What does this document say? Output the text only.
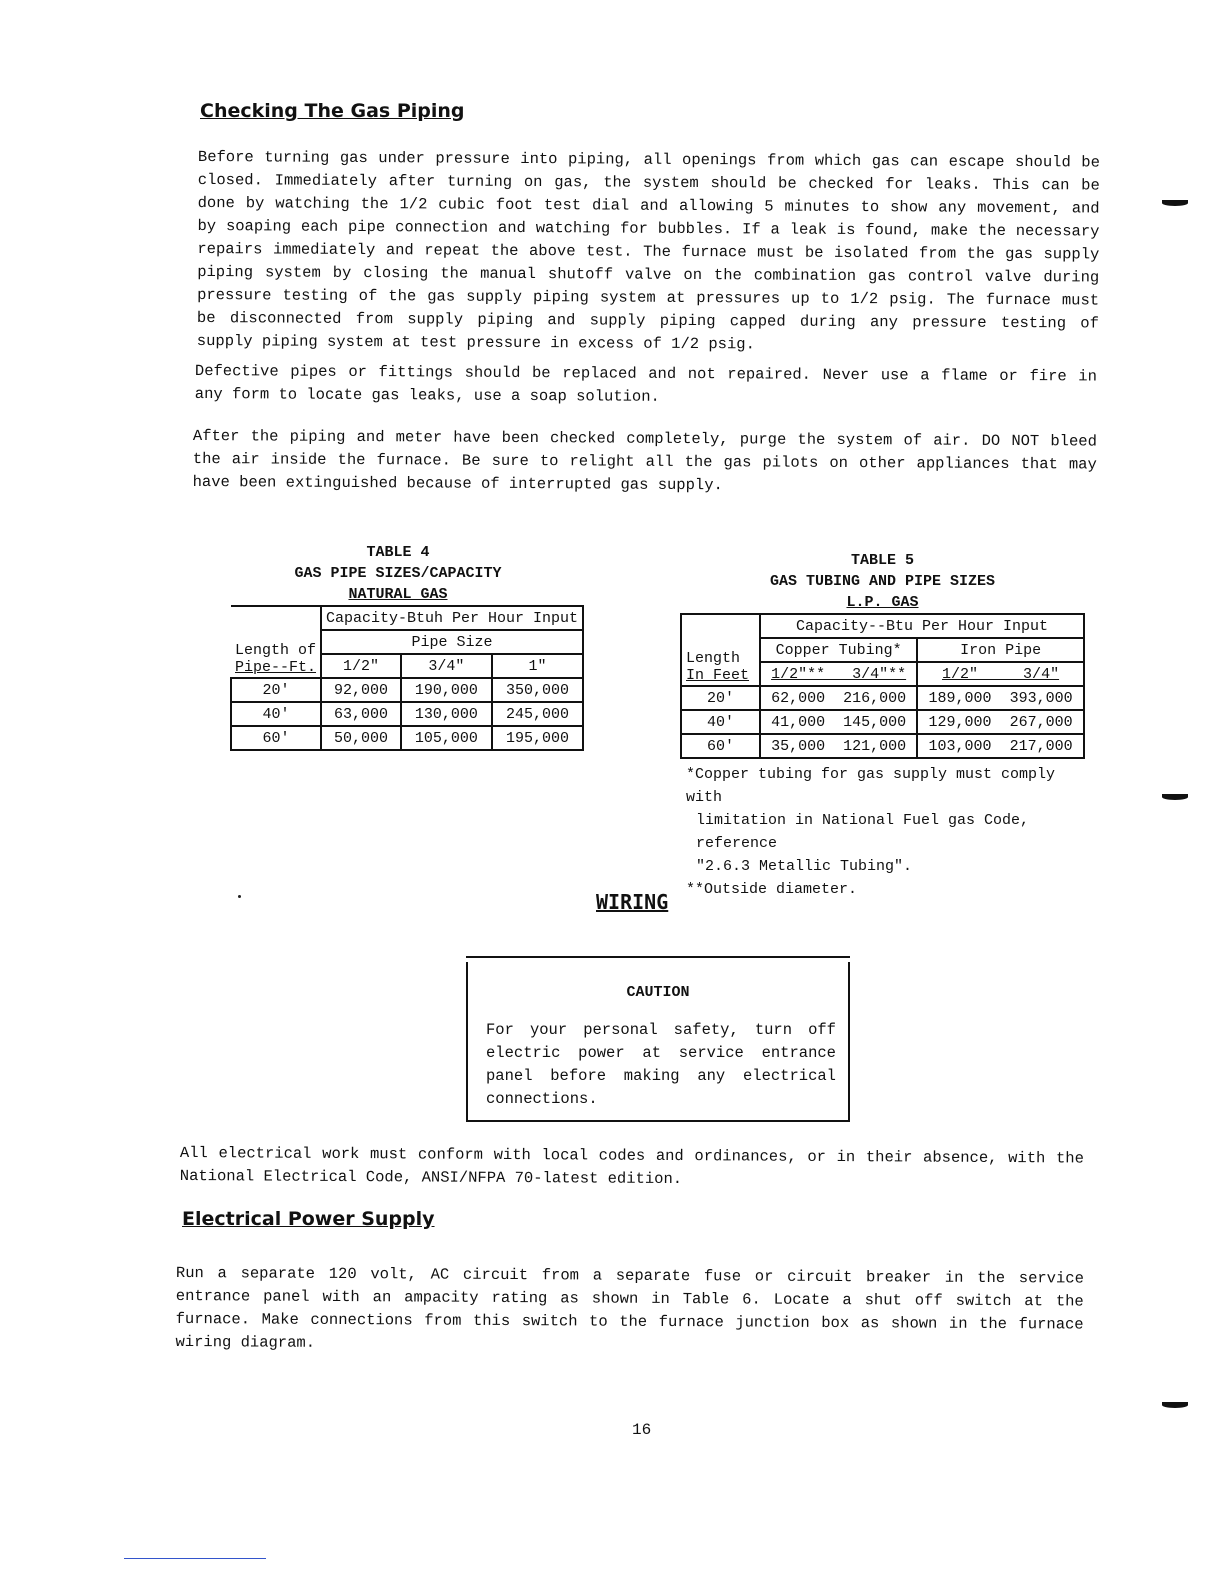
Checking The Gas Piping
Before turning gas under pressure into piping, all openings from which gas can escape should be closed. Immediately after turning on gas, the system should be checked for leaks. This can be done by watching the 1/2 cubic foot test dial and allowing 5 minutes to show any movement, and by soaping each pipe connection and watching for bubbles. If a leak is found, make the necessary repairs immediately and repeat the above test. The furnace must be isolated from the gas supply piping system by closing the manual shutoff valve on the combination gas control valve during pressure testing of the gas supply piping system at pressures up to 1/2 psig. The furnace must be disconnected from supply piping and supply piping capped during any pressure testing of supply piping system at test pressure in excess of 1/2 psig.
Defective pipes or fittings should be replaced and not repaired. Never use a flame or fire in any form to locate gas leaks, use a soap solution.
After the piping and meter have been checked completely, purge the system of air. DO NOT bleed the air inside the furnace. Be sure to relight all the gas pilots on other appliances that may have been extinguished because of interrupted gas supply.
TABLE 4
GAS PIPE SIZES/CAPACITY
NATURAL GAS
Length of
Pipe--Ft.	Capacity-Btuh Per Hour Input		
	Pipe Size		
	1/2"	3/4"	1"
20'	92,000	190,000	350,000
40'	63,000	130,000	245,000
60'	50,000	105,000	195,000
TABLE 5
GAS TUBING AND PIPE SIZES
L.P. GAS
Length
In Feet	Capacity--Btu Per Hour Input	
	Copper Tubing*	Iron Pipe
	1/2"**   3/4"**	1/2"     3/4"
20'	62,000 216,000	189,000 393,000
40'	41,000 145,000	129,000 267,000
60'	35,000 121,000	103,000 217,000
*Copper tubing for gas supply must comply with
limitation in National Fuel gas Code, reference
"2.6.3 Metallic Tubing".
**Outside diameter.
WIRING
CAUTION
For your personal safety, turn off electric power at service entrance panel before making any electrical connections.
All electrical work must conform with local codes and ordinances, or in their absence, with the National Electrical Code, ANSI/NFPA 70-latest edition.
Electrical Power Supply
Run a separate 120 volt, AC circuit from a separate fuse or circuit breaker in the service entrance panel with an ampacity rating as shown in Table 6. Locate a shut off switch at the furnace. Make connections from this switch to the furnace junction box as shown in the furnace wiring diagram.
16
